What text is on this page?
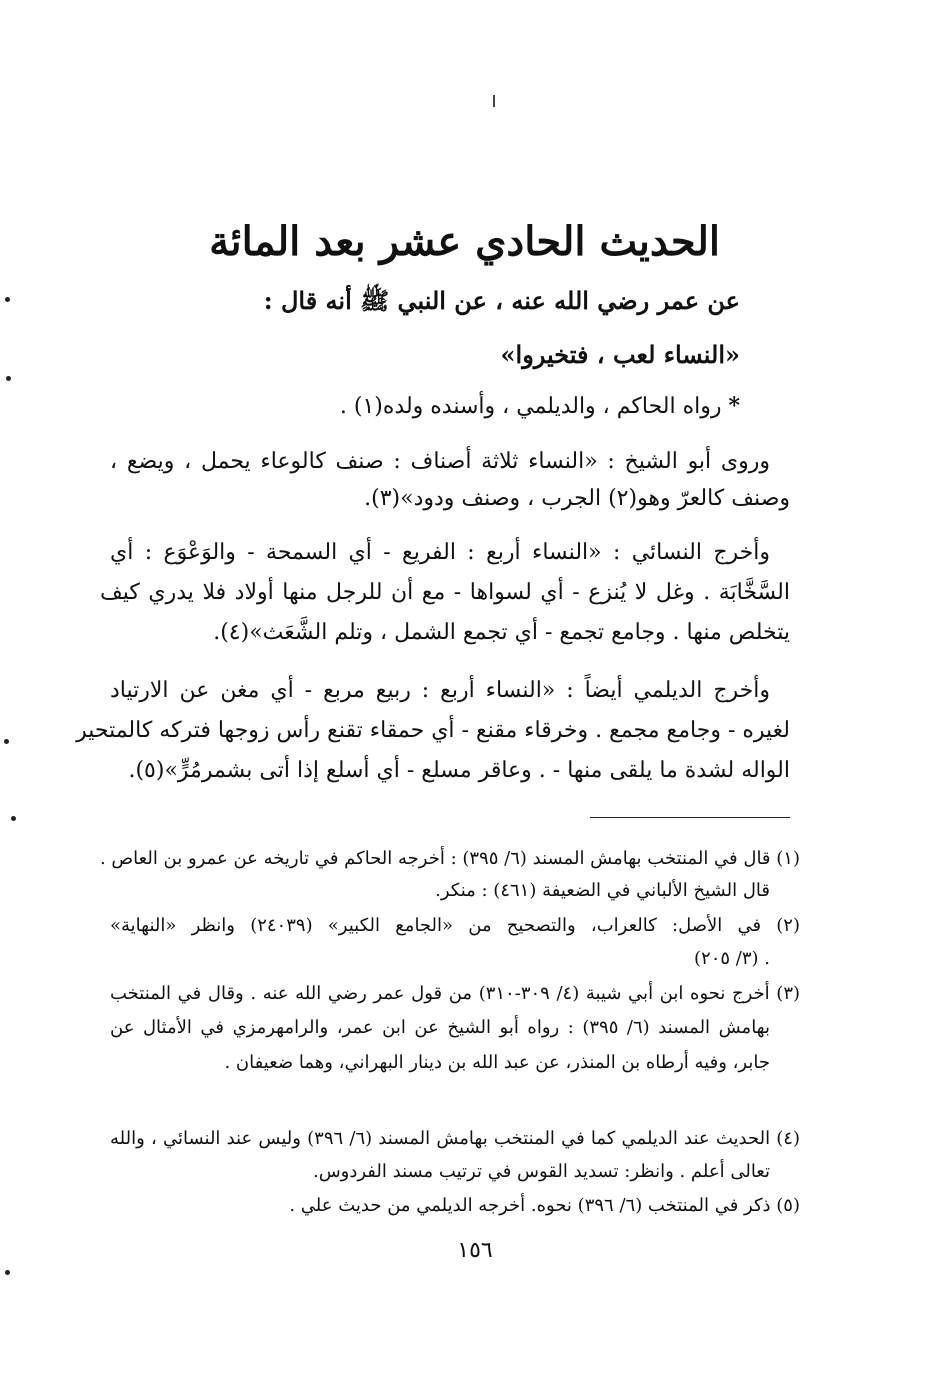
الحديث الحادي عشر بعد المائة
عن عمر رضي الله عنه ، عن النبي ﷺ أنه قال :
«النساء لعب ، فتخيروا»
* رواه الحاكم ، والديلمي ، وأسنده ولده(١) .
وروى أبو الشيخ : «النساء ثلاثة أصناف : صنف كالوعاء يحمل ، ويضع ،
وصنف كالعرّ وهو(٢) الجرب ، وصنف ودود»(٣).
وأخرج النسائي : «النساء أربع : الفريع - أي السمحة - والوَعْوَع : أي
السَّخَّابَة . وغل لا يُنزع - أي لسواها - مع أن للرجل منها أولاد فلا يدري كيف
يتخلص منها . وجامع تجمع - أي تجمع الشمل ، وتلم الشَّعَث»(٤).
وأخرج الديلمي أيضاً : «النساء أربع : ربيع مربع - أي مغن عن الارتياد
لغيره - وجامع مجمع . وخرقاء مقنع - أي حمقاء تقنع رأس زوجها فتركه كالمتحير
الواله لشدة ما يلقى منها - . وعاقر مسلع - أي أسلع إذا أتى بشمرمُرٍّ»(٥).
(١) قال في المنتخب بهامش المسند (٦/ ٣٩٥) : أخرجه الحاكم في تاريخه عن عمرو بن العاص .
قال الشيخ الألباني في الضعيفة (٤٦١) : منكر.
(٢) في الأصل: كالعراب، والتصحيح من «الجامع الكبير» (٢٤٠٣٩) وانظر «النهاية»
(٣/ ٢٠٥) .
(٣) أخرج نحوه ابن أبي شيبة (٤/ ٣٠٩-٣١٠) من قول عمر رضي الله عنه . وقال في المنتخب
بهامش المسند (٦/ ٣٩٥) : رواه أبو الشيخ عن ابن عمر، والرامهرمزي في الأمثال عن
جابر، وفيه أرطاه بن المنذر، عن عبد الله بن دينار البهراني، وهما ضعيفان .
(٤) الحديث عند الديلمي كما في المنتخب بهامش المسند (٦/ ٣٩٦) وليس عند النسائي ، والله
تعالى أعلم . وانظر: تسديد القوس في ترتيب مسند الفردوس.
(٥) ذكر في المنتخب (٦/ ٣٩٦) نحوه. أخرجه الديلمي من حديث علي .
١٥٦
